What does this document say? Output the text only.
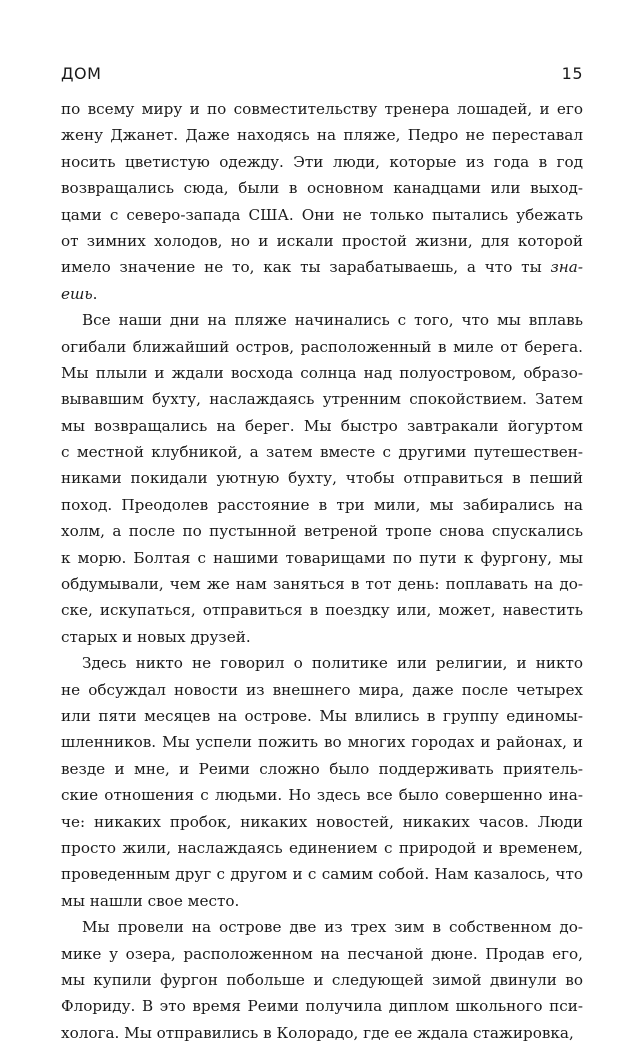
ДОМ	15
по всему миру и по совместительству тренера лошадей, и его
жену Джанет. Даже находясь на пляже, Педро не переставал
носить цветистую одежду. Эти люди, которые из года в год
возвращались сюда, были в основном канадцами или выход-
цами с северо-запада США. Они не только пытались убежать
от зимних холодов, но и искали простой жизни, для которой
имело значение не то, как ты зарабатываешь, а что ты зна-
ешь.
Все наши дни на пляже начинались с того, что мы вплавь
огибали ближайший остров, расположенный в миле от берега.
Мы плыли и ждали восхода солнца над полуостровом, образо-
вывавшим бухту, наслаждаясь утренним спокойствием. Затем
мы возвращались на берег. Мы быстро завтракали йогуртом
с местной клубникой, а затем вместе с другими путешествен-
никами покидали уютную бухту, чтобы отправиться в пеший
поход. Преодолев расстояние в три мили, мы забирались на
холм, а после по пустынной ветреной тропе снова спускались
к морю. Болтая с нашими товарищами по пути к фургону, мы
обдумывали, чем же нам заняться в тот день: поплавать на до-
ске, искупаться, отправиться в поездку или, может, навестить
старых и новых друзей.
Здесь никто не говорил о политике или религии, и никто
не обсуждал новости из внешнего мира, даже после четырех
или пяти месяцев на острове. Мы влились в группу единомы-
шленников. Мы успели пожить во многих городах и районах, и
везде и мне, и Реими сложно было поддерживать приятель-
ские отношения с людьми. Но здесь все было совершенно ина-
че: никаких пробок, никаких новостей, никаких часов. Люди
просто жили, наслаждаясь единением с природой и временем,
проведенным друг с другом и с самим собой. Нам казалось, что
мы нашли свое место.
Мы провели на острове две из трех зим в собственном до-
мике у озера, расположенном на песчаной дюне. Продав его,
мы купили фургон побольше и следующей зимой двинули во
Флориду. В это время Реими получила диплом школьного пси-
холога. Мы отправились в Колорадо, где ее ждала стажировка,
